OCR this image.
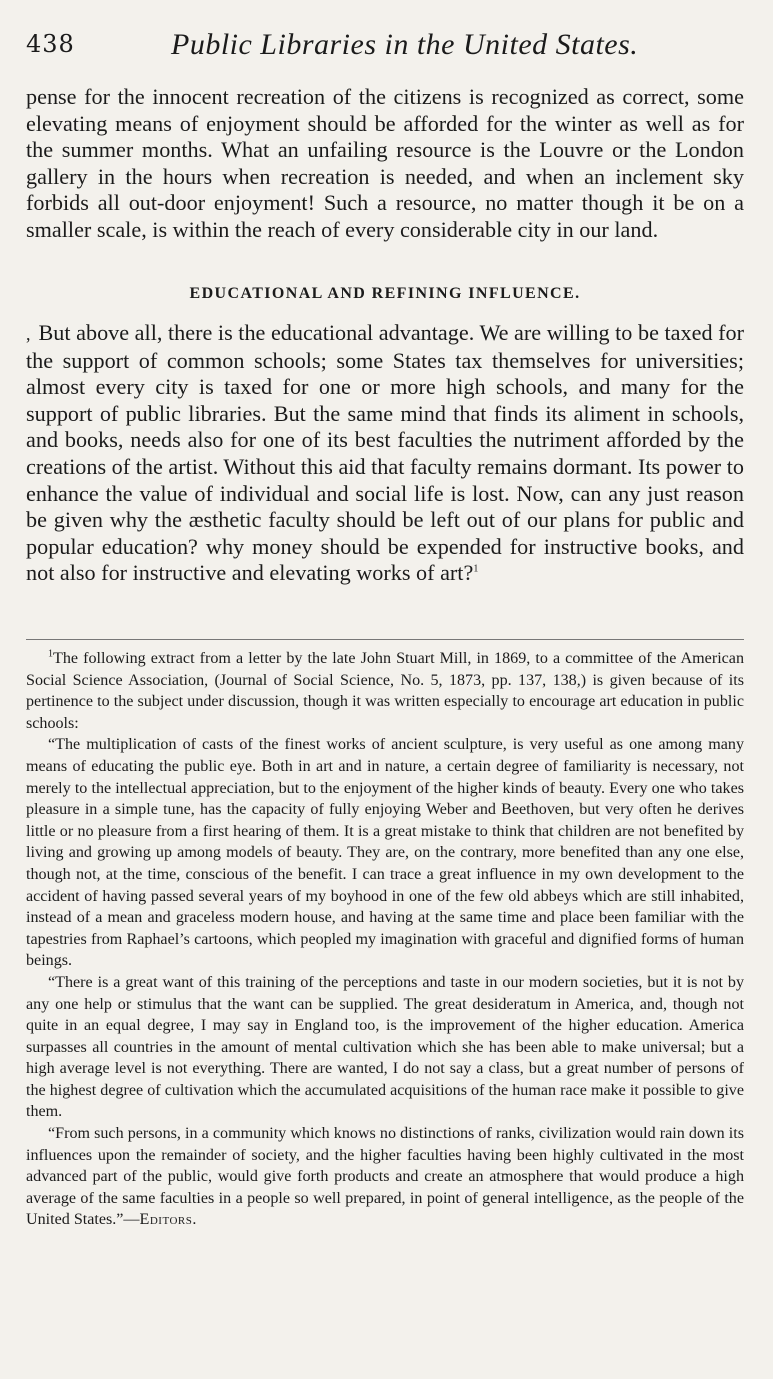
438	Public Libraries in the United States.

pense for the innocent recreation of the citizens is recognized as correct, some elevating means of enjoyment should be afforded for the winter as well as for the summer months. What an unfailing resource is the Louvre or the London gallery in the hours when recreation is needed, and when an inclement sky forbids all out-door enjoyment! Such a resource, no matter though it be on a smaller scale, is within the reach of every considerable city in our land.

EDUCATIONAL AND REFINING INFLUENCE.

, But above all, there is the educational advantage. We are willing to be taxed for the support of common schools; some States tax themselves for universities; almost every city is taxed for one or more high schools, and many for the support of public libraries. But the same mind that finds its aliment in schools, and books, needs also for one of its best faculties the nutriment afforded by the creations of the artist. Without this aid that faculty remains dormant. Its power to enhance the value of individual and social life is lost. Now, can any just reason be given why the æsthetic faculty should be left out of our plans for public and popular education? why money should be expended for instructive books, and not also for instructive and elevating works of art?$^1$

$^1$The following extract from a letter by the late John Stuart Mill, in 1869, to a committee of the American Social Science Association, (Journal of Social Science, No. 5, 1873, pp. 137, 138,) is given because of its pertinence to the subject under discussion, though it was written especially to encourage art education in public schools:

“The multiplication of casts of the finest works of ancient sculpture, is very useful as one among many means of educating the public eye. Both in art and in nature, a certain degree of familiarity is necessary, not merely to the intellectual appreciation, but to the enjoyment of the higher kinds of beauty. Every one who takes pleasure in a simple tune, has the capacity of fully enjoying Weber and Beethoven, but very often he derives little or no pleasure from a first hearing of them. It is a great mistake to think that children are not benefited by living and growing up among models of beauty. They are, on the contrary, more benefited than any one else, though not, at the time, conscious of the benefit. I can trace a great influence in my own development to the accident of having passed several years of my boyhood in one of the few old abbeys which are still inhabited, instead of a mean and graceless modern house, and having at the same time and place been familiar with the tapestries from Raphael’s cartoons, which peopled my imagination with graceful and dignified forms of human beings.

“There is a great want of this training of the perceptions and taste in our modern societies, but it is not by any one help or stimulus that the want can be supplied. The great desideratum in America, and, though not quite in an equal degree, I may say in England too, is the improvement of the higher education. America surpasses all countries in the amount of mental cultivation which she has been able to make universal; but a high average level is not everything. There are wanted, I do not say a class, but a great number of persons of the highest degree of cultivation which the accumulated acquisitions of the human race make it possible to give them.

“From such persons, in a community which knows no distinctions of ranks, civilization would rain down its influences upon the remainder of society, and the higher faculties having been highly cultivated in the most advanced part of the public, would give forth products and create an atmosphere that would produce a high average of the same faculties in a people so well prepared, in point of general intelligence, as the people of the United States.”—Editors.
